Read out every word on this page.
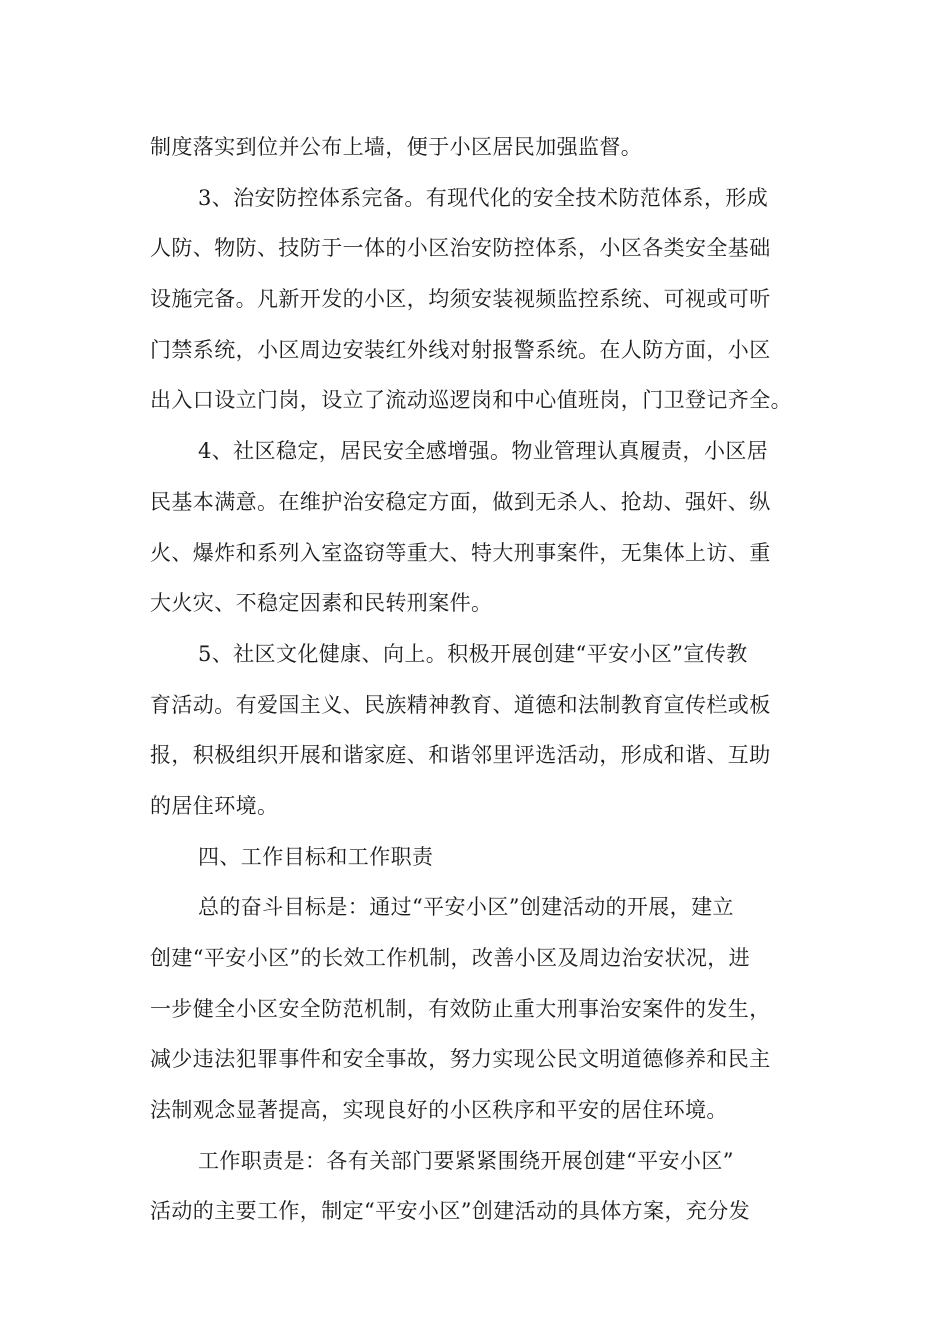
制度落实到位并公布上墙，便于小区居民加强监督。
3、治安防控体系完备。有现代化的安全技术防范体系，形成
人防、物防、技防于一体的小区治安防控体系，小区各类安全基础
设施完备。凡新开发的小区，均须安装视频监控系统、可视或可听
门禁系统，小区周边安装红外线对射报警系统。在人防方面，小区
出入口设立门岗，设立了流动巡逻岗和中心值班岗，门卫登记齐全。
4、社区稳定，居民安全感增强。物业管理认真履责，小区居
民基本满意。在维护治安稳定方面，做到无杀人、抢劫、强奸、纵
火、爆炸和系列入室盗窃等重大、特大刑事案件，无集体上访、重
大火灾、不稳定因素和民转刑案件。
5、社区文化健康、向上。积极开展创建“平安小区”宣传教
育活动。有爱国主义、民族精神教育、道德和法制教育宣传栏或板
报，积极组织开展和谐家庭、和谐邻里评选活动，形成和谐、互助
的居住环境。
四、工作目标和工作职责
总的奋斗目标是：通过“平安小区”创建活动的开展，建立
创建“平安小区”的长效工作机制，改善小区及周边治安状况，进
一步健全小区安全防范机制，有效防止重大刑事治安案件的发生，
减少违法犯罪事件和安全事故，努力实现公民文明道德修养和民主
法制观念显著提高，实现良好的小区秩序和平安的居住环境。
工作职责是：各有关部门要紧紧围绕开展创建“平安小区”
活动的主要工作，制定“平安小区”创建活动的具体方案，充分发
